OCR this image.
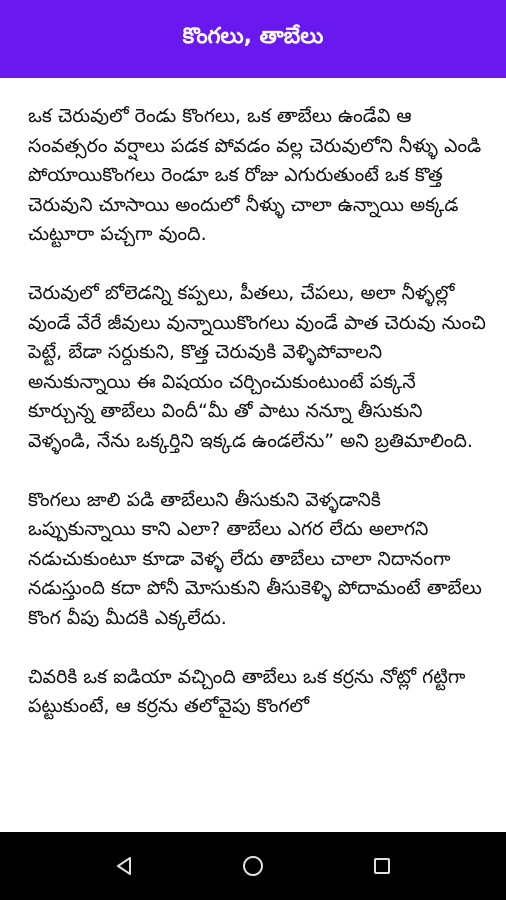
కొంగలు, తాబేలు

ఒక చెరువులో రెండు కొంగలు, ఒక తాబేలు ఉండేవి ఆ సంవత్సరం వర్షాలు పడక పోవడం వల్ల చెరువులోని నీళ్ళు ఎండి పోయాయికొంగలు రెండూ ఒక రోజు ఎగురుతుంటే ఒక కొత్త చెరువుని చూసాయి అందులో నీళ్ళు చాలా ఉన్నాయి అక్కడ చుట్టూరా పచ్చగా వుంది.

చెరువులో బోలెడన్ని కప్పలు, పీతలు, చేపలు, అలా నీళ్ళల్లో వుండే వేరే జీవులు వున్నాయికొంగలు వుండే పాత చెరువు నుంచి పెట్టే, బేడా సర్దుకుని, కొత్త చెరువుకి వెళ్ళిపోవాలని అనుకున్నాయి ఈ విషయం చర్చించుకుంటుంటే పక్కనే కూర్చున్న తాబేలు విందీ“మీ తో పాటు నన్నూ తీసుకుని వెళ్ళండి, నేను ఒక్కర్తిని ఇక్కడ ఉండలేను” అని బ్రతిమాలింది.

కొంగలు జాలి పడి తాబేలుని తీసుకుని వెళ్ళడానికి ఒప్పుకున్నాయి కాని ఎలా? తాబేలు ఎగర లేదు అలాగని నడుచుకుంటూ కూడా వెళ్ళ లేదు తాబేలు చాలా నిదానంగా నడుస్తుంది కదా పోనీ మోసుకుని తీసుకెళ్ళి పోదామంటే తాబేలు కొంగ వీపు మీదకి ఎక్కలేదు.

చివరికి ఒక ఐడియా వచ్చింది తాబేలు ఒక కర్రను నోట్లో గట్టిగా పట్టుకుంటే, ఆ కర్రను తలోవైపు కొంగలో
